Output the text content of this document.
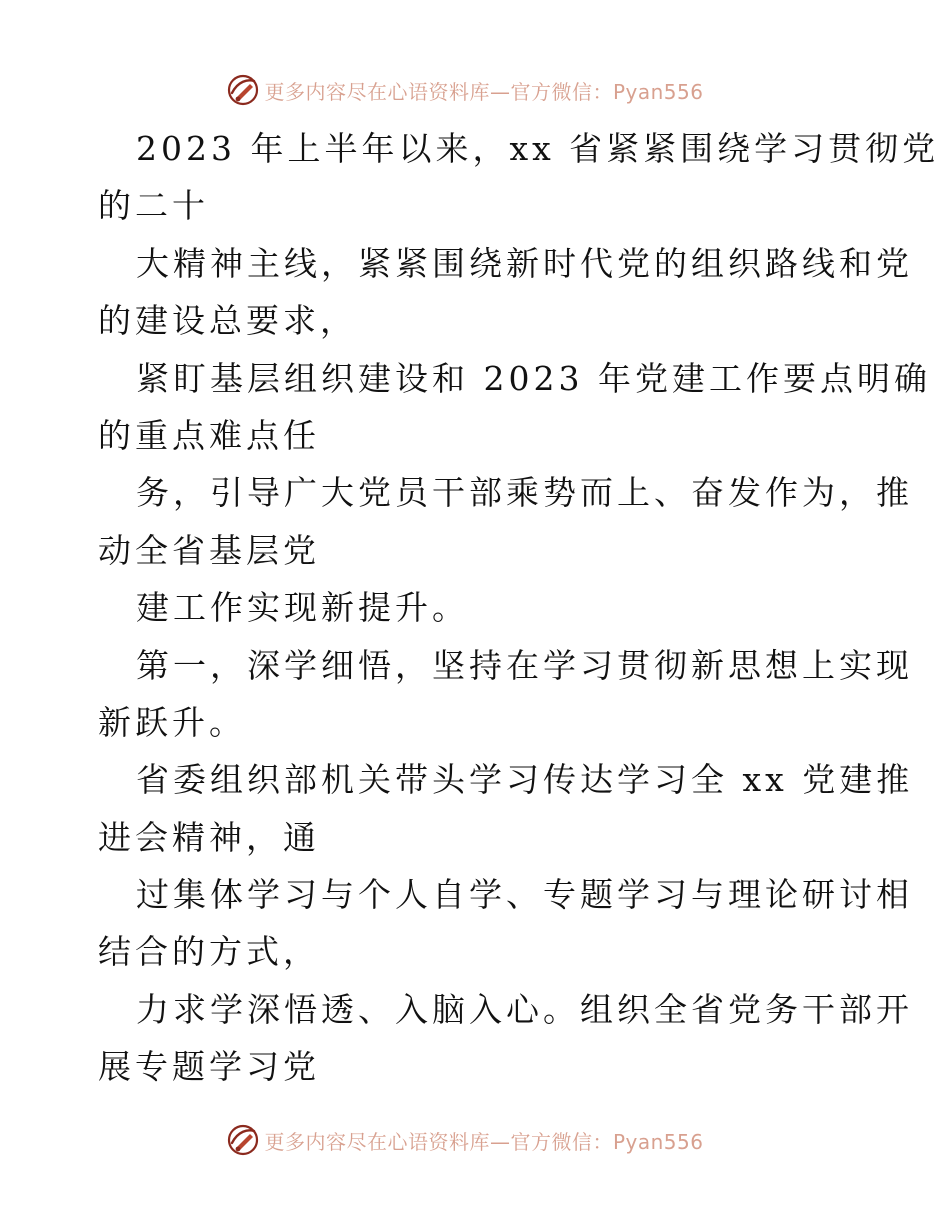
更多内容尽在心语资料库—官方微信：Pyan556
2023 年上半年以来，xx 省紧紧围绕学习贯彻党
的二十
大精神主线，紧紧围绕新时代党的组织路线和党
的建设总要求，
紧盯基层组织建设和 2023 年党建工作要点明确
的重点难点任
务，引导广大党员干部乘势而上、奋发作为，推
动全省基层党
建工作实现新提升。
第一，深学细悟，坚持在学习贯彻新思想上实现
新跃升。
省委组织部机关带头学习传达学习全 xx 党建推
进会精神，通
过集体学习与个人自学、专题学习与理论研讨相
结合的方式，
力求学深悟透、入脑入心。组织全省党务干部开
展专题学习党
更多内容尽在心语资料库—官方微信：Pyan556
